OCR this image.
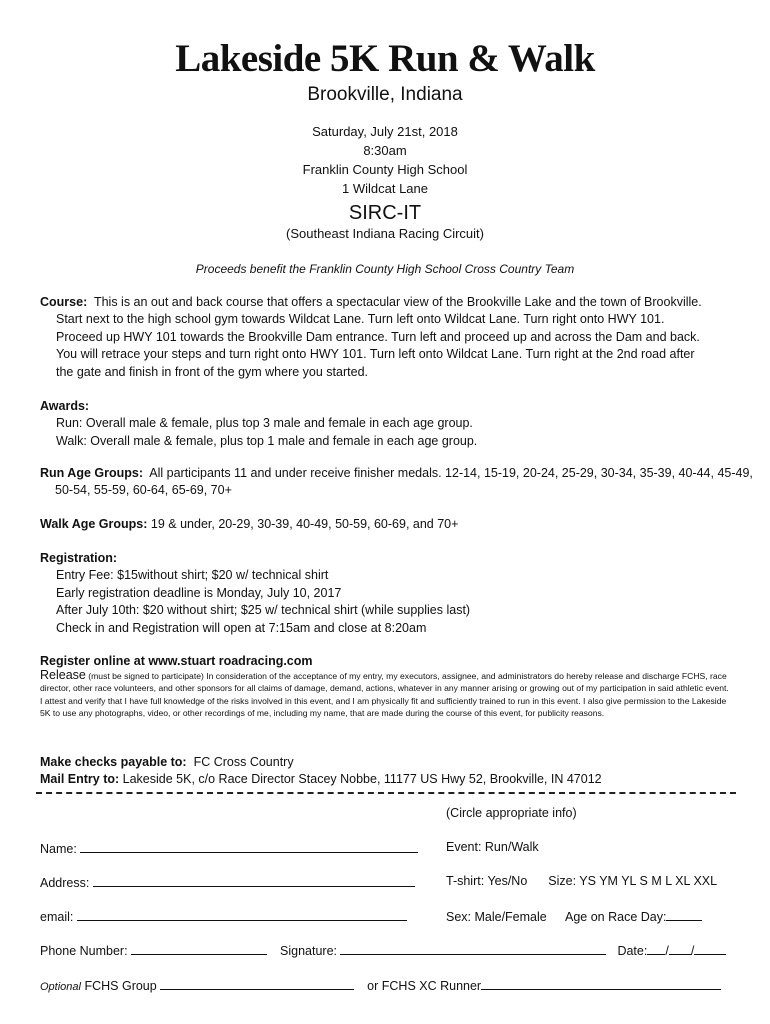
Lakeside 5K Run & Walk
Brookville, Indiana
Saturday, July 21st, 2018
8:30am
Franklin County High School
1 Wildcat Lane
SIRC-IT
(Southeast Indiana Racing Circuit)
Proceeds benefit the Franklin County High School Cross Country Team
Course: This is an out and back course that offers a spectacular view of the Brookville Lake and the town of Brookville.
Start next to the high school gym towards Wildcat Lane. Turn left onto Wildcat Lane. Turn right onto HWY 101.
Proceed up HWY 101 towards the Brookville Dam entrance. Turn left and proceed up and across the Dam and back.
You will retrace your steps and turn right onto HWY 101. Turn left onto Wildcat Lane. Turn right at the 2nd road after
the gate and finish in front of the gym where you started.
Awards:
Run: Overall male & female, plus top 3 male and female in each age group.
Walk: Overall male & female, plus top 1 male and female in each age group.
Run Age Groups: All participants 11 and under receive finisher medals. 12-14, 15-19, 20-24, 25-29, 30-34, 35-39, 40-44, 45-49, 50-54, 55-59, 60-64, 65-69, 70+
Walk Age Groups: 19 & under, 20-29, 30-39, 40-49, 50-59, 60-69, and 70+
Registration:
Entry Fee: $15without shirt; $20 w/ technical shirt
Early registration deadline is Monday, July 10, 2017
After July 10th: $20 without shirt; $25 w/ technical shirt (while supplies last)
Check in and Registration will open at 7:15am and close at 8:20am
Register online at www.stuart roadracing.com
Release (must be signed to participate) In consideration of the acceptance of my entry, my executors, assignee, and administrators do hereby release and discharge FCHS, race director, other race volunteers, and other sponsors for all claims of damage, demand, actions, whatever in any manner arising or growing out of my participation in said athletic event. I attest and verify that I have full knowledge of the risks involved in this event, and I am physically fit and sufficiently trained to run in this event. I also give permission to the Lakeside 5K to use any photographs, video, or other recordings of me, including my name, that are made during the course of this event, for publicity reasons.
Make checks payable to: FC Cross Country
Mail Entry to: Lakeside 5K, c/o Race Director Stacey Nobbe, 11177 US Hwy 52, Brookville, IN 47012
(Circle appropriate info)
Name:	Event: Run/Walk
Address:	T-shirt: Yes/No Size: YS YM YL S M L XL XXL
email:	Sex: Male/Female Age on Race Day:
Phone Number:	Signature:	Date: / /
Optional FCHS Group	or FCHS XC Runner
